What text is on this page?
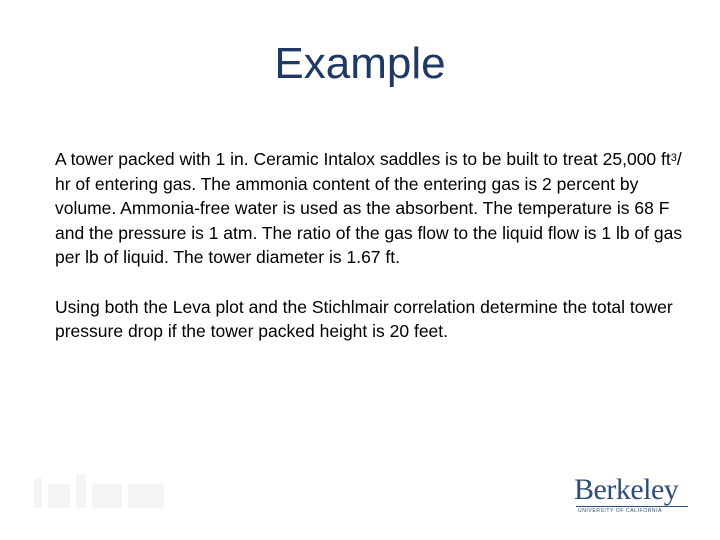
Example

A tower packed with 1 in. Ceramic Intalox saddles is to be built to treat 25,000 $ft^3/$ hr of entering gas. The ammonia content of the entering gas is 2 percent by volume. Ammonia-free water is used as the absorbent. The temperature is 68 F and the pressure is 1 atm. The ratio of the gas flow to the liquid flow is 1 lb of gas per lb of liquid. The tower diameter is 1.67 ft.

Using both the Leva plot and the Stichlmair correlation determine the total tower pressure drop if the tower packed height is 20 feet.

Berkeley
UNIVERSITY OF CALIFORNIA
